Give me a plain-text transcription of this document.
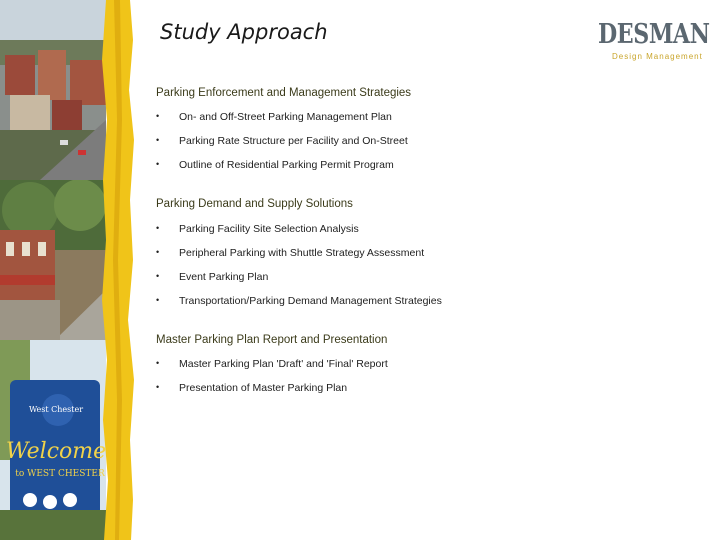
West Chester
Welcome
to WEST CHESTER
Study Approach	DESMAN
Design Management
Parking Enforcement and Management Strategies
• On- and Off-Street Parking Management Plan
• Parking Rate Structure per Facility and On-Street
• Outline of Residential Parking Permit Program
Parking Demand and Supply Solutions
• Parking Facility Site Selection Analysis
• Peripheral Parking with Shuttle Strategy Assessment
• Event Parking Plan
• Transportation/Parking Demand Management Strategies
Master Parking Plan Report and Presentation
• Master Parking Plan 'Draft' and 'Final' Report
• Presentation of Master Parking Plan
